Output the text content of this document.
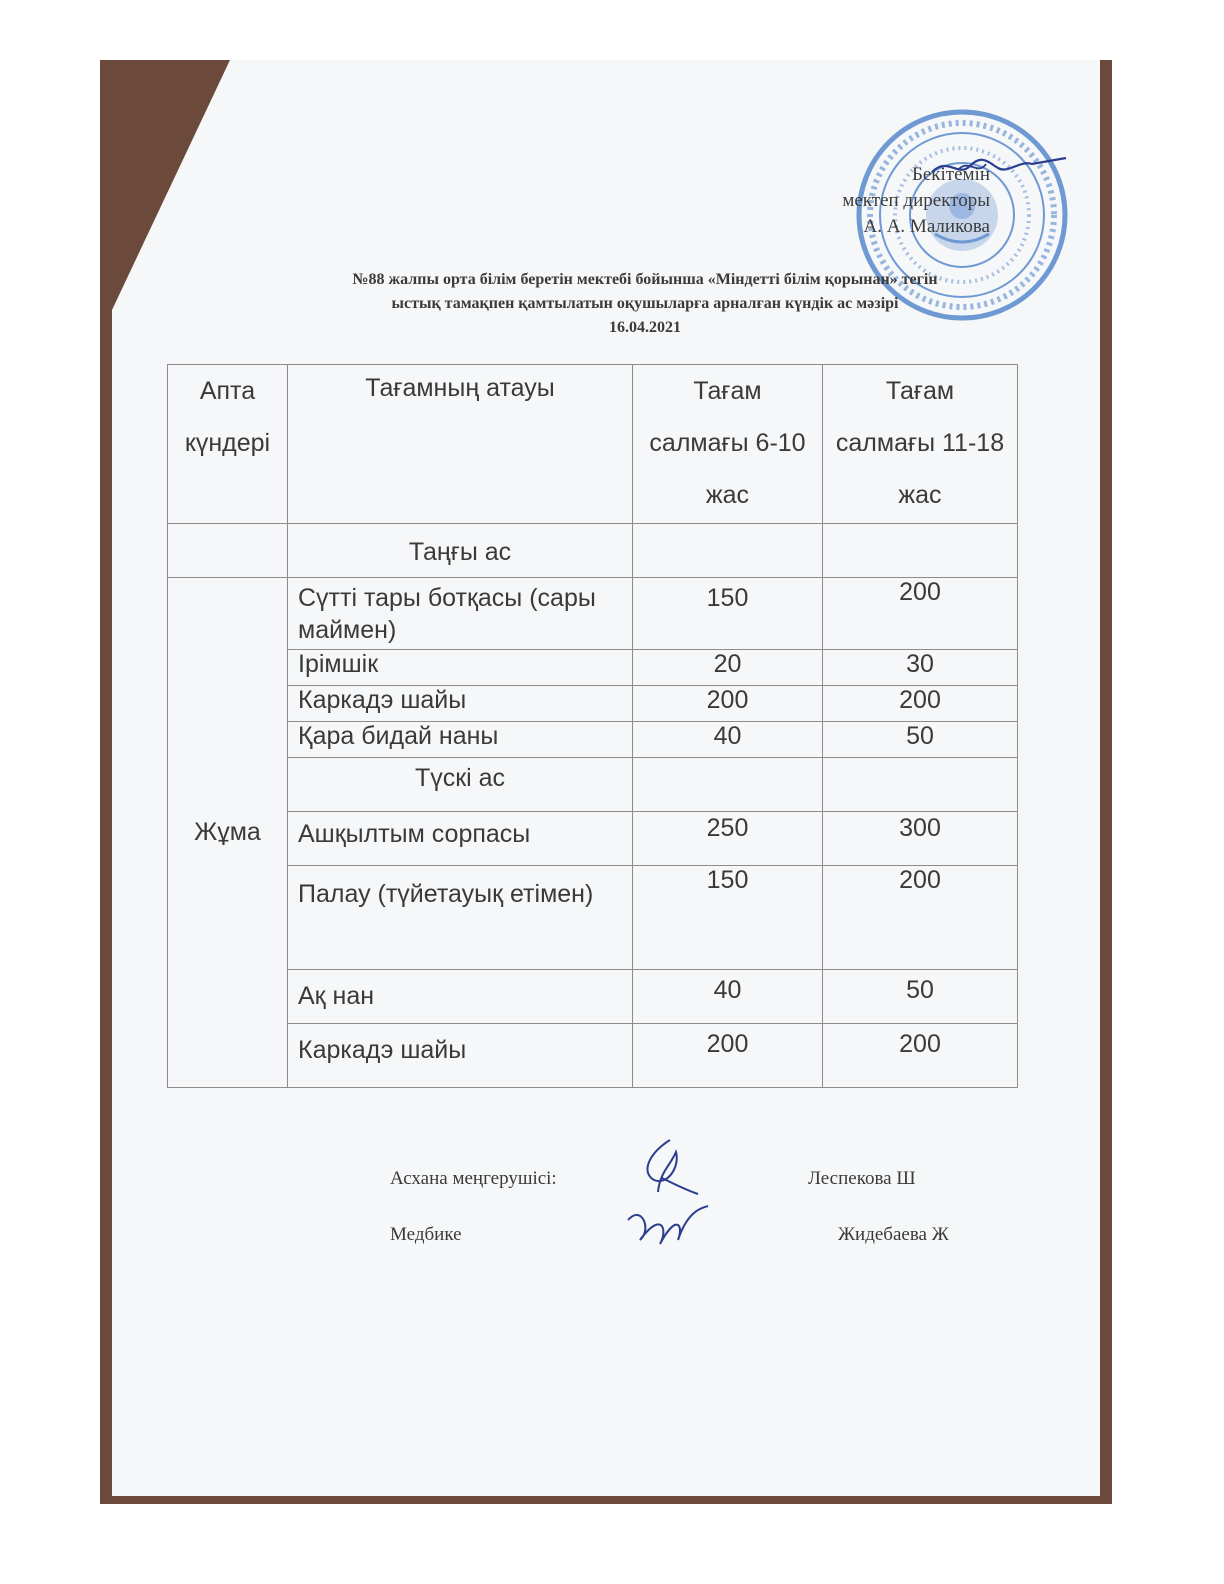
Бекітемін
мектеп директоры
А. А. Маликова
№88 жалпы орта білім беретін мектебі бойынша «Міндетті білім қорынан» тегін
ыстық тамақпен қамтылатын оқушыларға арналған күндік ас мәзірі
16.04.2021
Апта күндері	Тағамның атауы	Тағам салмағы 6-10 жас	Тағам салмағы 11-18 жас
	Таңғы ас		
Жұма	Сүтті тары ботқасы (сары маймен)	150	200
	Ірімшік	20	30
	Каркадэ шайы	200	200
	Қара бидай наны	40	50
	Түскі ас		
	Ашқылтым сорпасы	250	300
	Палау (түйетауық етімен)	150	200
	Ақ нан	40	50
	Каркадэ шайы	200	200
Асхана меңгерушісі:	Леспекова Ш
Медбике	Жидебаева Ж
